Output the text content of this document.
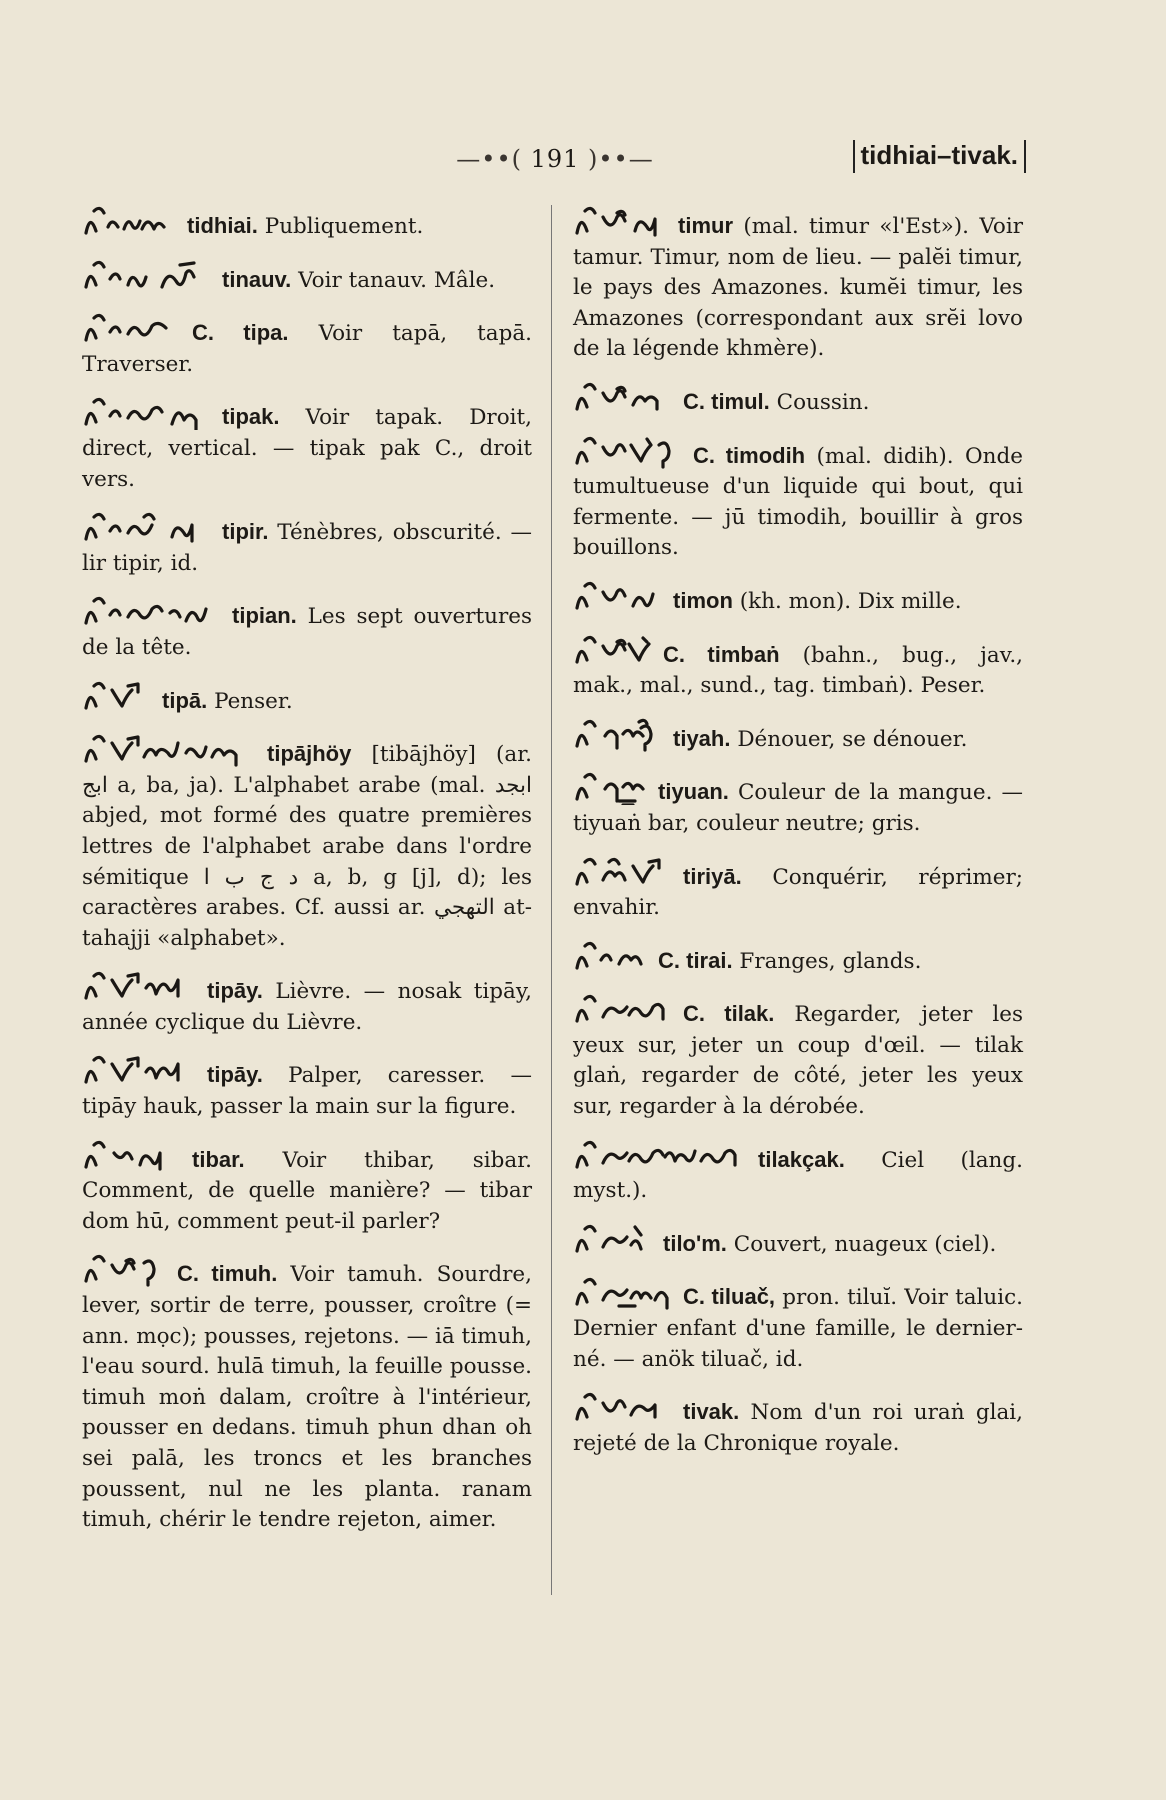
—••( 191 )••—	tidhiai–tivak.
tidhiai. Publiquement.
tinauv. Voir tanauv. Mâle.
C. tipa. Voir tapā, tapā. Traverser.
tipak. Voir tapak. Droit, direct, vertical. — tipak pak C., droit vers.
tipir. Ténèbres, obscurité. — lir tipir, id.
tipian. Les sept ouvertures de la tête.
tipā. Penser.
tipājhöy [tibājhöy] (ar. ابج a, ba, ja). L'alphabet arabe (mal. ابجد abjed, mot formé des quatre premières lettres de l'alphabet arabe dans l'ordre sémitique د ج ب ا a, b, g [j], d); les caractères arabes. Cf. aussi ar. التهجي at-tahajji «alphabet».
tipāy. Lièvre. — nosak tipāy, année cyclique du Lièvre.
tipāy. Palper, caresser. — tipāy hauk, passer la main sur la figure.
tibar. Voir thibar, sibar. Comment, de quelle manière? — tibar dom hū, comment peut-il parler?
C. timuh. Voir tamuh. Sourdre, lever, sortir de terre, pousser, croître (= ann. mọc); pousses, rejetons. — iā timuh, l'eau sourd. hulā timuh, la feuille pousse. timuh moṅ dalam, croître à l'intérieur, pousser en dedans. timuh phun dhan oh sei palā, les troncs et les branches poussent, nul ne les planta. ranam timuh, chérir le tendre rejeton, aimer.
timur (mal. timur «l'Est»). Voir tamur. Timur, nom de lieu. — palĕi timur, le pays des Amazones. kumĕi timur, les Amazones (correspondant aux srĕi lovo de la légende khmère).
C. timul. Coussin.
C. timodih (mal. didih). Onde tumultueuse d'un liquide qui bout, qui fermente. — jū timodih, bouillir à gros bouillons.
timon (kh. mon). Dix mille.
C. timbaṅ (bahn., bug., jav., mak., mal., sund., tag. timbaṅ). Peser.
tiyah. Dénouer, se dénouer.
tiyuan. Couleur de la mangue. — tiyuaṅ bar, couleur neutre; gris.
tiriyā. Conquérir, réprimer; envahir.
C. tirai. Franges, glands.
C. tilak. Regarder, jeter les yeux sur, jeter un coup d'œil. — tilak glaṅ, regarder de côté, jeter les yeux sur, regarder à la dérobée.
tilakçak. Ciel (lang. myst.).
tilo'm. Couvert, nuageux (ciel).
C. tiluač, pron. tiluĭ. Voir taluic. Dernier enfant d'une famille, le dernier-né. — anök tiluač, id.
tivak. Nom d'un roi uraṅ glai, rejeté de la Chronique royale.
